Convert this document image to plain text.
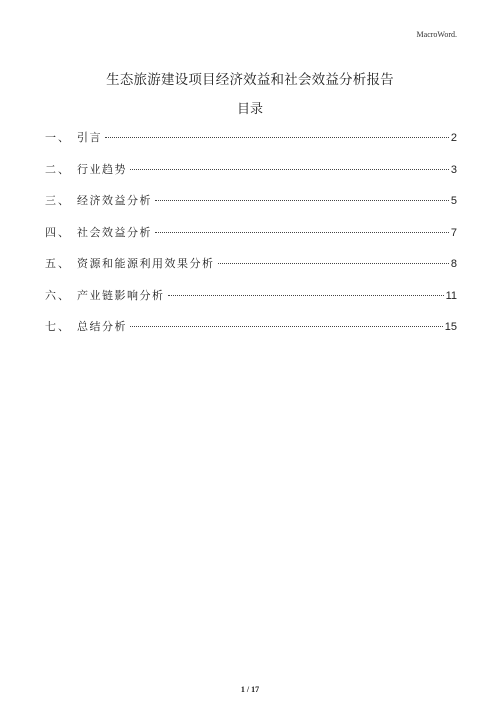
MacroWord.
生态旅游建设项目经济效益和社会效益分析报告
目录
一、 引言	2
二、 行业趋势	3
三、 经济效益分析	5
四、 社会效益分析	7
五、 资源和能源利用效果分析	8
六、 产业链影响分析	11
七、 总结分析	15
1 / 17
